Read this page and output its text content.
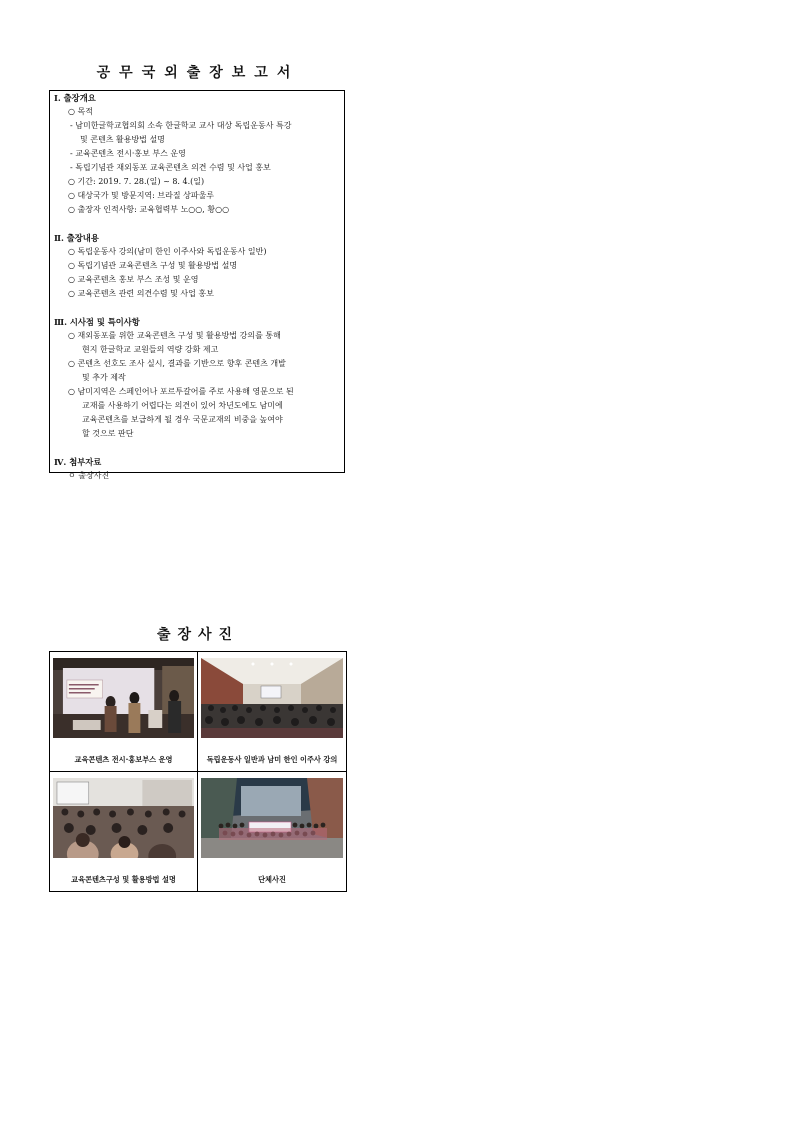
공무국외출장보고서
Ⅰ. 출장개요
○ 목적
- 남미한글학교협의회 소속 한글학교 교사 대상 독립운동사 특강
및 콘텐츠 활용방법 설명
- 교육콘텐츠 전시·홍보 부스 운영
- 독립기념관 재외동포 교육콘텐츠 의견 수렴 및 사업 홍보
○ 기간: 2019. 7. 28.(일) ~ 8. 4.(일)
○ 대상국가 및 방문지역: 브라질 상파울루
○ 출장자 인적사항: 교육협력부 노○○, 황○○
Ⅱ. 출장내용
○ 독립운동사 강의(남미 한인 이주사와 독립운동사 일반)
○ 독립기념관 교육콘텐츠 구성 및 활용방법 설명
○ 교육콘텐츠 홍보 부스 조성 및 운영
○ 교육콘텐츠 관련 의견수렴 및 사업 홍보
Ⅲ. 시사점 및 특이사항
○ 재외동포를 위한 교육콘텐츠 구성 및 활용방법 강의를 통해
현지 한글학교 교원들의 역량 강화 제고
○ 콘텐츠 선호도 조사 실시, 결과를 기반으로 향후 콘텐츠 개발
및 추가 제작
○ 남미지역은 스페인어나 포르투갈어를 주로 사용해 영문으로 된
교재를 사용하기 어렵다는 의견이 있어 차년도에도 남미에
교육콘텐츠를 보급하게 될 경우 국문교재의 비중을 높여야
할 것으로 판단
Ⅳ. 첨부자료
ㅇ 출장사진
출장사진
교육콘텐츠 전시·홍보부스 운영	독립운동사 일반과 남미 한인 이주사 강의
교육콘텐츠구성 및 활용방법 설명	단체사진
